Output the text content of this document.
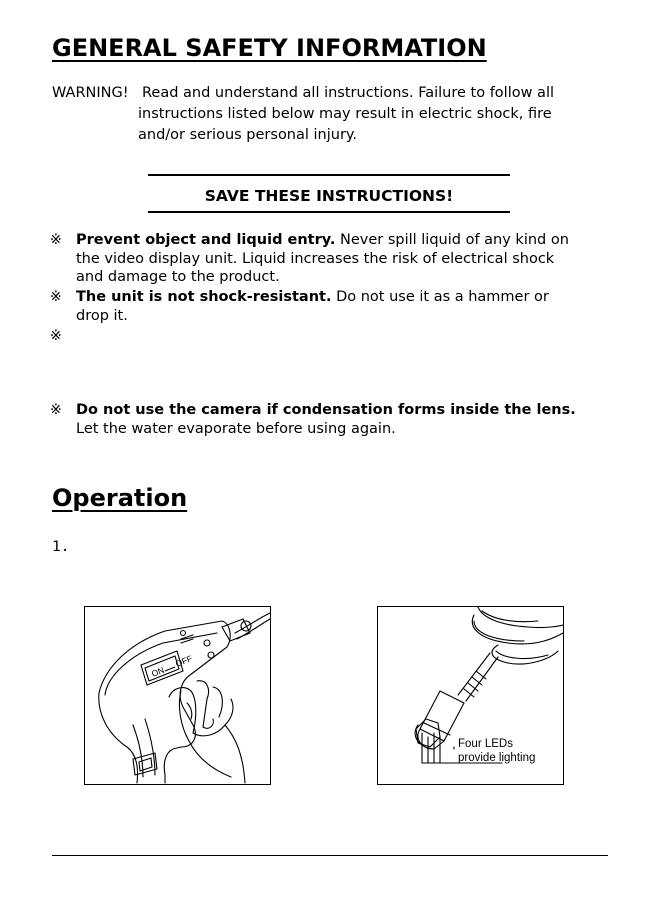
GENERAL SAFETY INFORMATION
WARNING! Read and understand all instructions. Failure to follow all
instructions listed below may result in electric shock, fire
and/or serious personal injury.
SAVE THESE INSTRUCTIONS!
※ Prevent object and liquid entry. Never spill liquid of any kind on
the video display unit. Liquid increases the risk of electrical shock
and damage to the product.
※ The unit is not shock-resistant. Do not use it as a hammer or
drop it.
※
※ Do not use the camera if condensation forms inside the lens.
Let the water evaporate before using again.
Operation
1.
ON
OFF
Four LEDs
provide lighting
